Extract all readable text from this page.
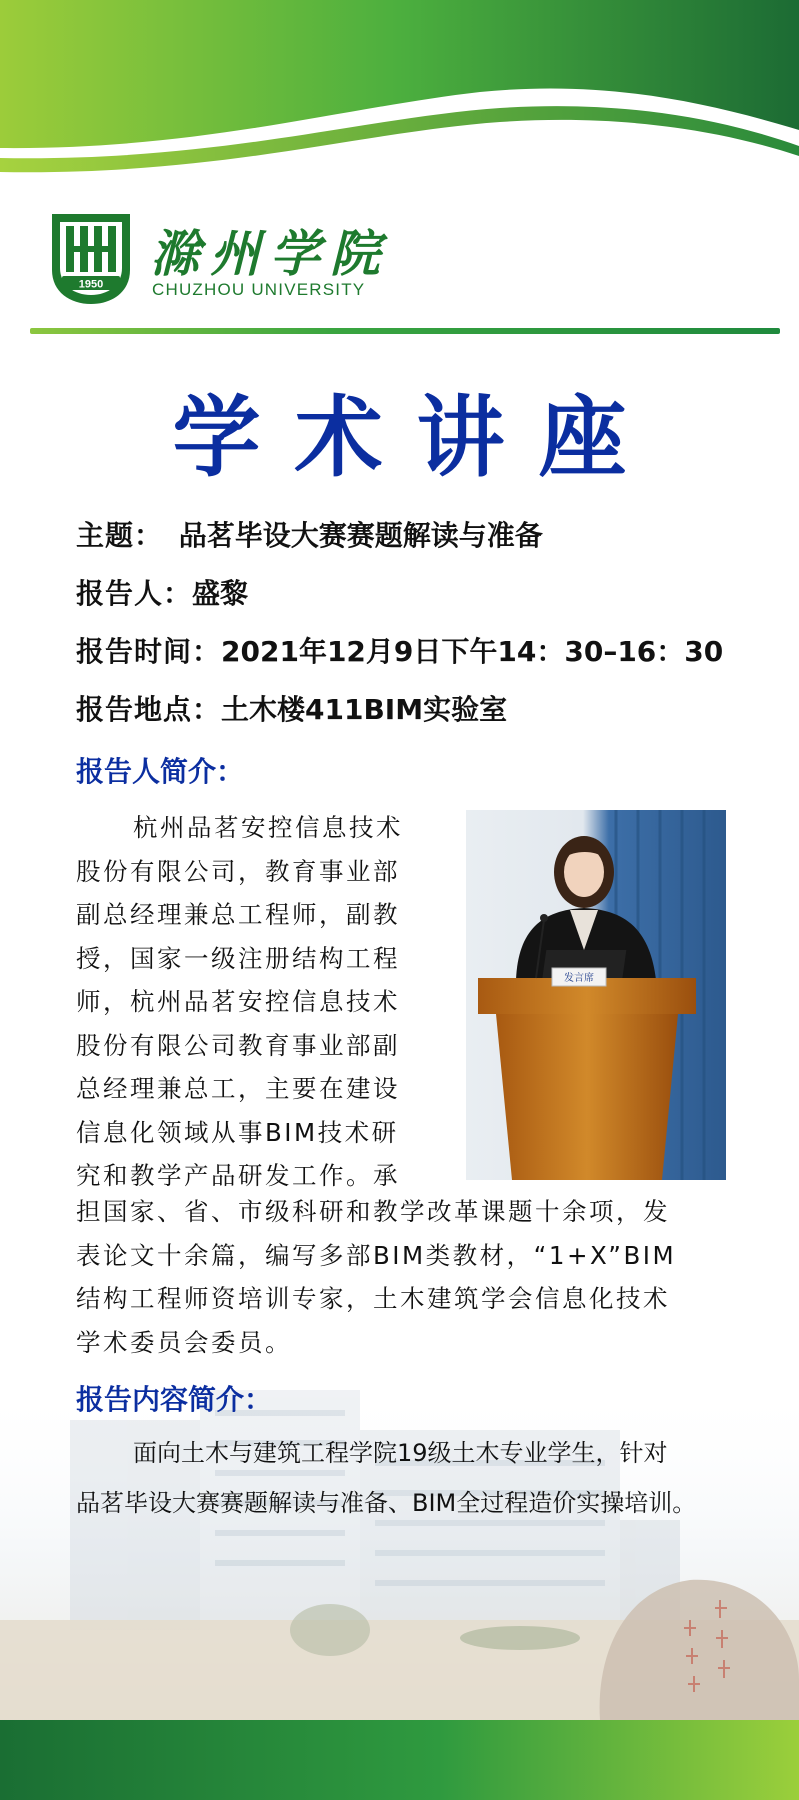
1950
滁州学院
CHUZHOU UNIVERSITY
学术讲座
主题： 品茗毕设大赛赛题解读与准备
报告人：盛黎
报告时间：2021年12月9日下午14：30–16：30
报告地点：土木楼411BIM实验室
报告人简介：
杭州品茗安控信息技术
股份有限公司，教育事业部
副总经理兼总工程师，副教
授，国家一级注册结构工程
师，杭州品茗安控信息技术
股份有限公司教育事业部副
总经理兼总工，主要在建设
信息化领域从事BIM技术研
究和教学产品研发工作。承
发言席
担国家、省、市级科研和教学改革课题十余项，发
表论文十余篇，编写多部BIM类教材，“1+X”BIM
结构工程师资培训专家，土木建筑学会信息化技术
学术委员会委员。
报告内容简介：
面向土木与建筑工程学院19级土木专业学生，针对
品茗毕设大赛赛题解读与准备、BIM全过程造价实操培训。
